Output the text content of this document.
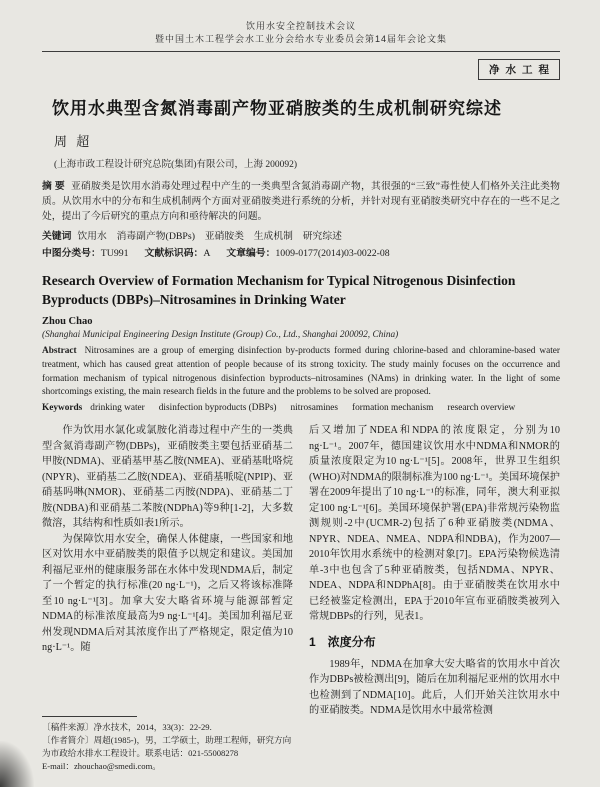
饮用水安全控制技术会议
暨中国土木工程学会水工业分会给水专业委员会第14届年会论文集
净水工程
饮用水典型含氮消毒副产物亚硝胺类的生成机制研究综述
周 超
(上海市政工程设计研究总院(集团)有限公司，上海 200092)

摘 要 亚硝胺类是饮用水消毒处理过程中产生的一类典型含氮消毒副产物，其很强的“三致”毒性使人们格外关注此类物质。从饮用水中的分布和生成机制两个方面对亚硝胺类进行系统的分析，并针对现有亚硝胺类研究中存在的一些不足之处，提出了今后研究的重点方向和亟待解决的问题。

关键词 饮用水　消毒副产物(DBPs)　亚硝胺类　生成机制　研究综述

中图分类号：TU991 文献标识码：A 文章编号：1009-0177(2014)03-0022-08

Research Overview of Formation Mechanism for Typical Nitrogenous Disinfection Byproducts (DBPs)–Nitrosamines in Drinking Water
Zhou Chao
(Shanghai Municipal Engineering Design Institute (Group) Co., Ltd., Shanghai 200092, China)

Abstract Nitrosamines are a group of emerging disinfection by-products formed during chlorine-based and chloramine-based water treatment, which has caused great attention of people because of its strong toxicity. The study mainly focuses on the occurrence and formation mechanism of typical nitrogenous disinfection byproducts–nitrosamines (NAms) in drinking water. In the light of some shortcomings existing, the main research fields in the future and the problems to be solved are proposed.

Keywords drinking water disinfection byproducts (DBPs) nitrosamines formation mechanism research overview

作为饮用水氯化或氯胺化消毒过程中产生的一类典型含氮消毒副产物(DBPs)，亚硝胺类主要包括亚硝基二甲胺(NDMA)、亚硝基甲基乙胺(NMEA)、亚硝基吡咯烷(NPYR)、亚硝基二乙胺(NDEA)、亚硝基哌啶(NPIP)、亚硝基吗啉(NMOR)、亚硝基二丙胺(NDPA)、亚硝基二丁胺(NDBA)和亚硝基二苯胺(NDPhA)等9种[1-2]，大多数微溶，其结构和性质如表1所示。

为保障饮用水安全，确保人体健康，一些国家和地区对饮用水中亚硝胺类的限值予以规定和建议。美国加利福尼亚州的健康服务部在水体中发现NDMA后，制定了一个暂定的执行标准(20 ng·L⁻¹)，之后又将该标准降至10 ng·L⁻¹[3]。加拿大安大略省环境与能源部暂定NDMA的标准浓度最高为9 ng·L⁻¹[4]。美国加利福尼亚州发现NDMA后对其浓度作出了严格规定，限定值为10 ng·L⁻¹。随

后又增加了NDEA和NDPA的浓度限定，分别为10 ng·L⁻¹。2007年，德国建议饮用水中NDMA和NMOR的质量浓度限定为10 ng·L⁻¹[5]。2008年，世界卫生组织(WHO)对NDMA的限制标准为100 ng·L⁻¹。美国环境保护署在2009年提出了10 ng·L⁻¹的标准，同年，澳大利亚拟定100 ng·L⁻¹[6]。美国环境保护署(EPA)非常规污染物监测规则-2中(UCMR-2)包括了6种亚硝胺类(NDMA、NPYR、NDEA、NMEA、NDPA和NDBA)，作为2007—2010年饮用水系统中的检测对象[7]。EPA污染物候选清单-3中也包含了5种亚硝胺类，包括NDMA、NPYR、NDEA、NDPA和NDPhA[8]。由于亚硝胺类在饮用水中已经被鉴定检测出，EPA于2010年宣布亚硝胺类被列入常规DBPs的行列，见表1。

1　浓度分布

1989年，NDMA在加拿大安大略省的饮用水中首次作为DBPs被检测出[9]，随后在加利福尼亚州的饮用水中也检测到了NDMA[10]。此后，人们开始关注饮用水中的亚硝胺类。NDMA是饮用水中最常检测

〔稿件来源〕净水技术，2014，33(3)：22-29.

〔作者简介〕周超(1985-)，男，工学硕士，助理工程师，研究方向为市政给水排水工程设计。联系电话：021-55008278

E-mail：zhouchao@smedi.com。
